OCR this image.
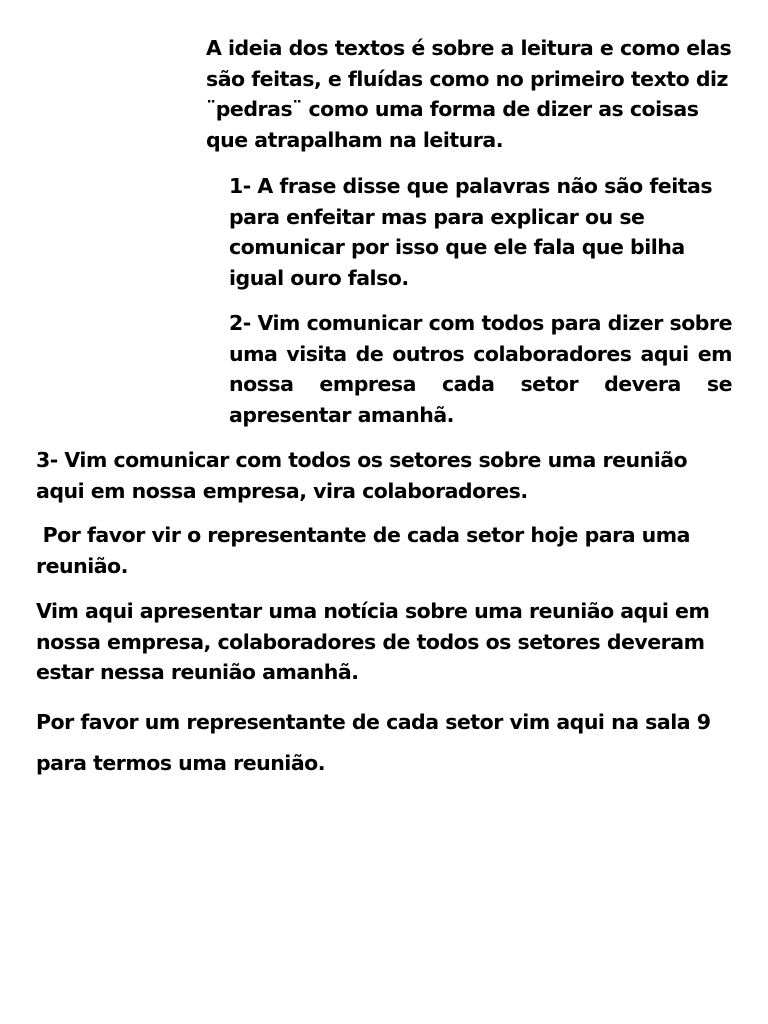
A ideia dos textos é sobre a leitura e como elas são feitas, e fluídas como no primeiro texto diz ¨pedras¨ como uma forma de dizer as coisas que atrapalham na leitura.

1- A frase disse que palavras não são feitas para enfeitar mas para explicar ou se comunicar por isso que ele fala que bilha igual ouro falso.

2- Vim comunicar com todos para dizer sobre uma visita de outros colaboradores aqui em nossa empresa cada setor devera se apresentar amanhã.

3- Vim comunicar com todos os setores sobre uma reunião aqui em nossa empresa, vira colaboradores.

Por favor vir o representante de cada setor hoje para uma reunião.

Vim aqui apresentar uma notícia sobre uma reunião aqui em nossa empresa, colaboradores de todos os setores deveram estar nessa reunião amanhã.

Por favor um representante de cada setor vim aqui na sala 9 para termos uma reunião.
